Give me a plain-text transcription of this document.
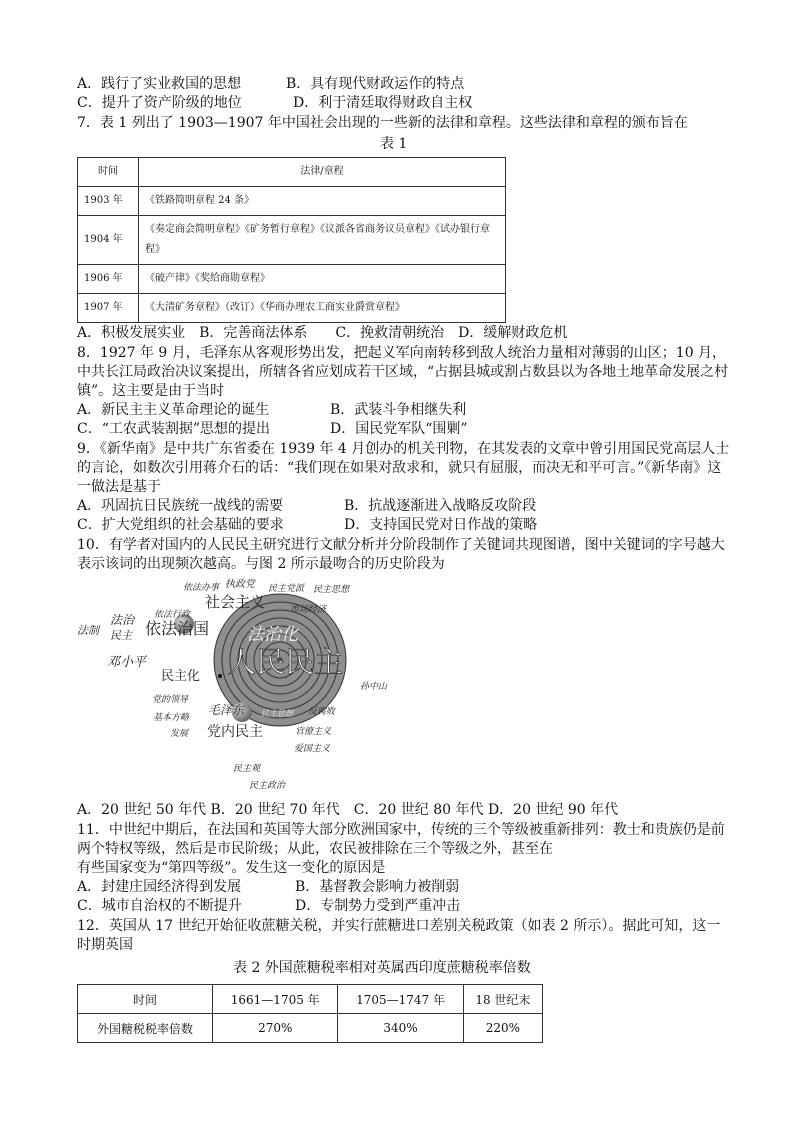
A．践行了实业救国的思想	B．具有现代财政运作的特点
C．提升了资产阶级的地位	D．利于清廷取得财政自主权
7．表 1 列出了 1903—1907 年中国社会出现的一些新的法律和章程。这些法律和章程的颁布旨在
表 1
时间	法律/章程
1903 年	《铁路简明章程 24 条》
1904 年	《奏定商会简明章程》《矿务暂行章程》《议派各省商务议员章程》《试办银行章程》
1906 年	《破产律》《奖给商勋章程》
1907 年	《大清矿务章程》（改订）《华商办理农工商实业爵赏章程》
A．积极发展实业　B．完善商法体系　　C．挽救清朝统治　D．缓解财政危机
8．1927 年 9 月，毛泽东从客观形势出发，把起义军向南转移到敌人统治力量相对薄弱的山区；10 月，
中共长江局政治决议案提出，所辖各省应划成若干区域，“占据县城或割占数县以为各地土地革命发展之村
镇”。这主要是由于当时
A．新民主主义革命理论的诞生	B．武装斗争相继失利
C．“工农武装割据”思想的提出	D．国民党军队“围剿”
9．《新华南》是中共广东省委在 1939 年 4 月创办的机关刊物，在其发表的文章中曾引用国民党高层人士
的言论，如数次引用蒋介石的话：“我们现在如果对敌求和，就只有屈服，而决无和平可言。”《新华南》这
一做法是基于
A．巩固抗日民族统一战线的需要	B．抗战逐渐进入战略反攻阶段
C．扩大党组织的社会基础的要求	D．支持国民党对日作战的策略
10．有学者对国内的人民民主研究进行文献分析并分阶段制作了关键词共现图谱，图中关键词的字号越大
表示该词的出现频次越高。与图 2 所示最吻合的历史阶段为
依法办事 执政党 民主党派 民主思想
社会主义	市场经济
依法行政
法治
法制 民主 依法治国 法治化
人民民主
邓小平
民主化
孙中山
党的领导
基本方略
发展
毛泽东	反腐败
官僚主义
党内民主
爱国主义
民主观
民主政治
民主思想
A．20 世纪 50 年代 B．20 世纪 70 年代　C．20 世纪 80 年代 D．20 世纪 90 年代
11．中世纪中期后，在法国和英国等大部分欧洲国家中，传统的三个等级被重新排列：教士和贵族仍是前
两个特权等级，然后是市民阶级；从此，农民被排除在三个等级之外，甚至在
有些国家变为“第四等级”。发生这一变化的原因是
A．封建庄园经济得到发展	B．基督教会影响力被削弱
C．城市自治权的不断提升	D．专制势力受到严重冲击
12．英国从 17 世纪开始征收蔗糖关税，并实行蔗糖进口差别关税政策（如表 2 所示）。据此可知，这一
时期英国
表 2 外国蔗糖税率相对英属西印度蔗糖税率倍数
时间	1661—1705 年	1705—1747 年	18 世纪末
外国糖税税率倍数	270%	340%	220%
